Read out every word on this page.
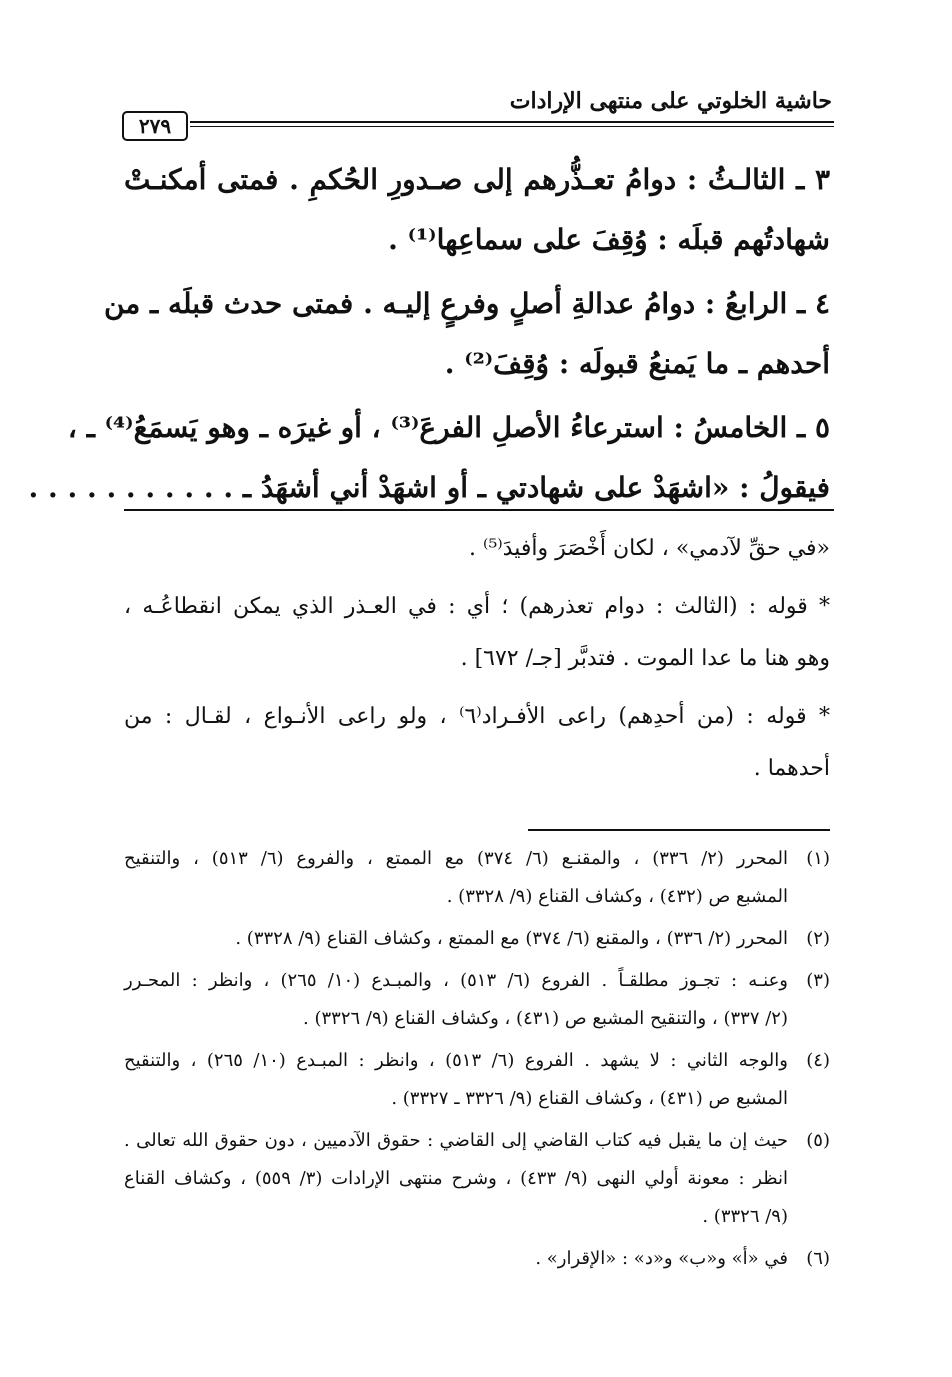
حاشية الخلوتي على منتهى الإرادات
٢٧٩
٣ ـ الثالـثُ : دوامُ تعـذُّرهم إلى صـدورِ الحُكمِ . فمتى أمكنـتْ
شهادتُهم قبلَه : وُقِفَ على سماعِها⁽¹⁾ .
٤ ـ الرابعُ : دوامُ عدالةِ أصلٍ وفرعٍ إليـه . فمتى حدث قبلَه ـ من
أحدهم ـ ما يَمنعُ قبولَه : وُقِفَ⁽²⁾ .
٥ ـ الخامسُ : استرعاءُ الأصلِ الفرعَ⁽³⁾ ، أو غيرَه ـ وهو يَسمَعُ⁽⁴⁾ ـ ،
فيقولُ : «اشهَدْ على شهادتي ـ أو اشهَدْ أني أشهَدُ ـ . . . . . . . . . . .
«في حقِّ لآدمي» ، لكان أَخْصَرَ وأفيدَ⁽⁵⁾ .
* قوله : (الثالث : دوام تعذرهم) ؛ أي : في العـذر الذي يمكن انقطاعُـه ،
وهو هنا ما عدا الموت . فتدبَّر [جـ/ ٦٧٢] .
* قوله : (من أحدِهم) راعى الأفـراد⁽٦⁾ ، ولو راعى الأنـواع ، لقـال : من
أحدهما .
(١)
المحرر (٢/ ٣٣٦) ، والمقنـع (٦/ ٣٧٤) مع الممتع ، والفروع (٦/ ٥١٣) ، والتنقيح
المشبع ص (٤٣٢) ، وكشاف القناع (٩/ ٣٣٢٨) .
(٢)
المحرر (٢/ ٣٣٦) ، والمقنع (٦/ ٣٧٤) مع الممتع ، وكشاف القناع (٩/ ٣٣٢٨) .
(٣)
وعنـه : تجـوز مطلقـاً . الفروع (٦/ ٥١٣) ، والمبـدع (١٠/ ٢٦٥) ، وانظر : المحـرر
(٢/ ٣٣٧) ، والتنقيح المشبع ص (٤٣١) ، وكشاف القناع (٩/ ٣٣٢٦) .
(٤)
والوجه الثاني : لا يشهد . الفروع (٦/ ٥١٣) ، وانظر : المبـدع (١٠/ ٢٦٥) ، والتنقيح
المشبع ص (٤٣١) ، وكشاف القناع (٩/ ٣٣٢٦ ـ ٣٣٢٧) .
(٥)
حيث إن ما يقبل فيه كتاب القاضي إلى القاضي : حقوق الآدميين ، دون حقوق الله تعالى .
انظر : معونة أولي النهى (٩/ ٤٣٣) ، وشرح منتهى الإرادات (٣/ ٥٥٩) ، وكشاف القناع
(٩/ ٣٣٢٦) .
(٦)
في «أ» و«ب» و«د» : «الإقرار» .
